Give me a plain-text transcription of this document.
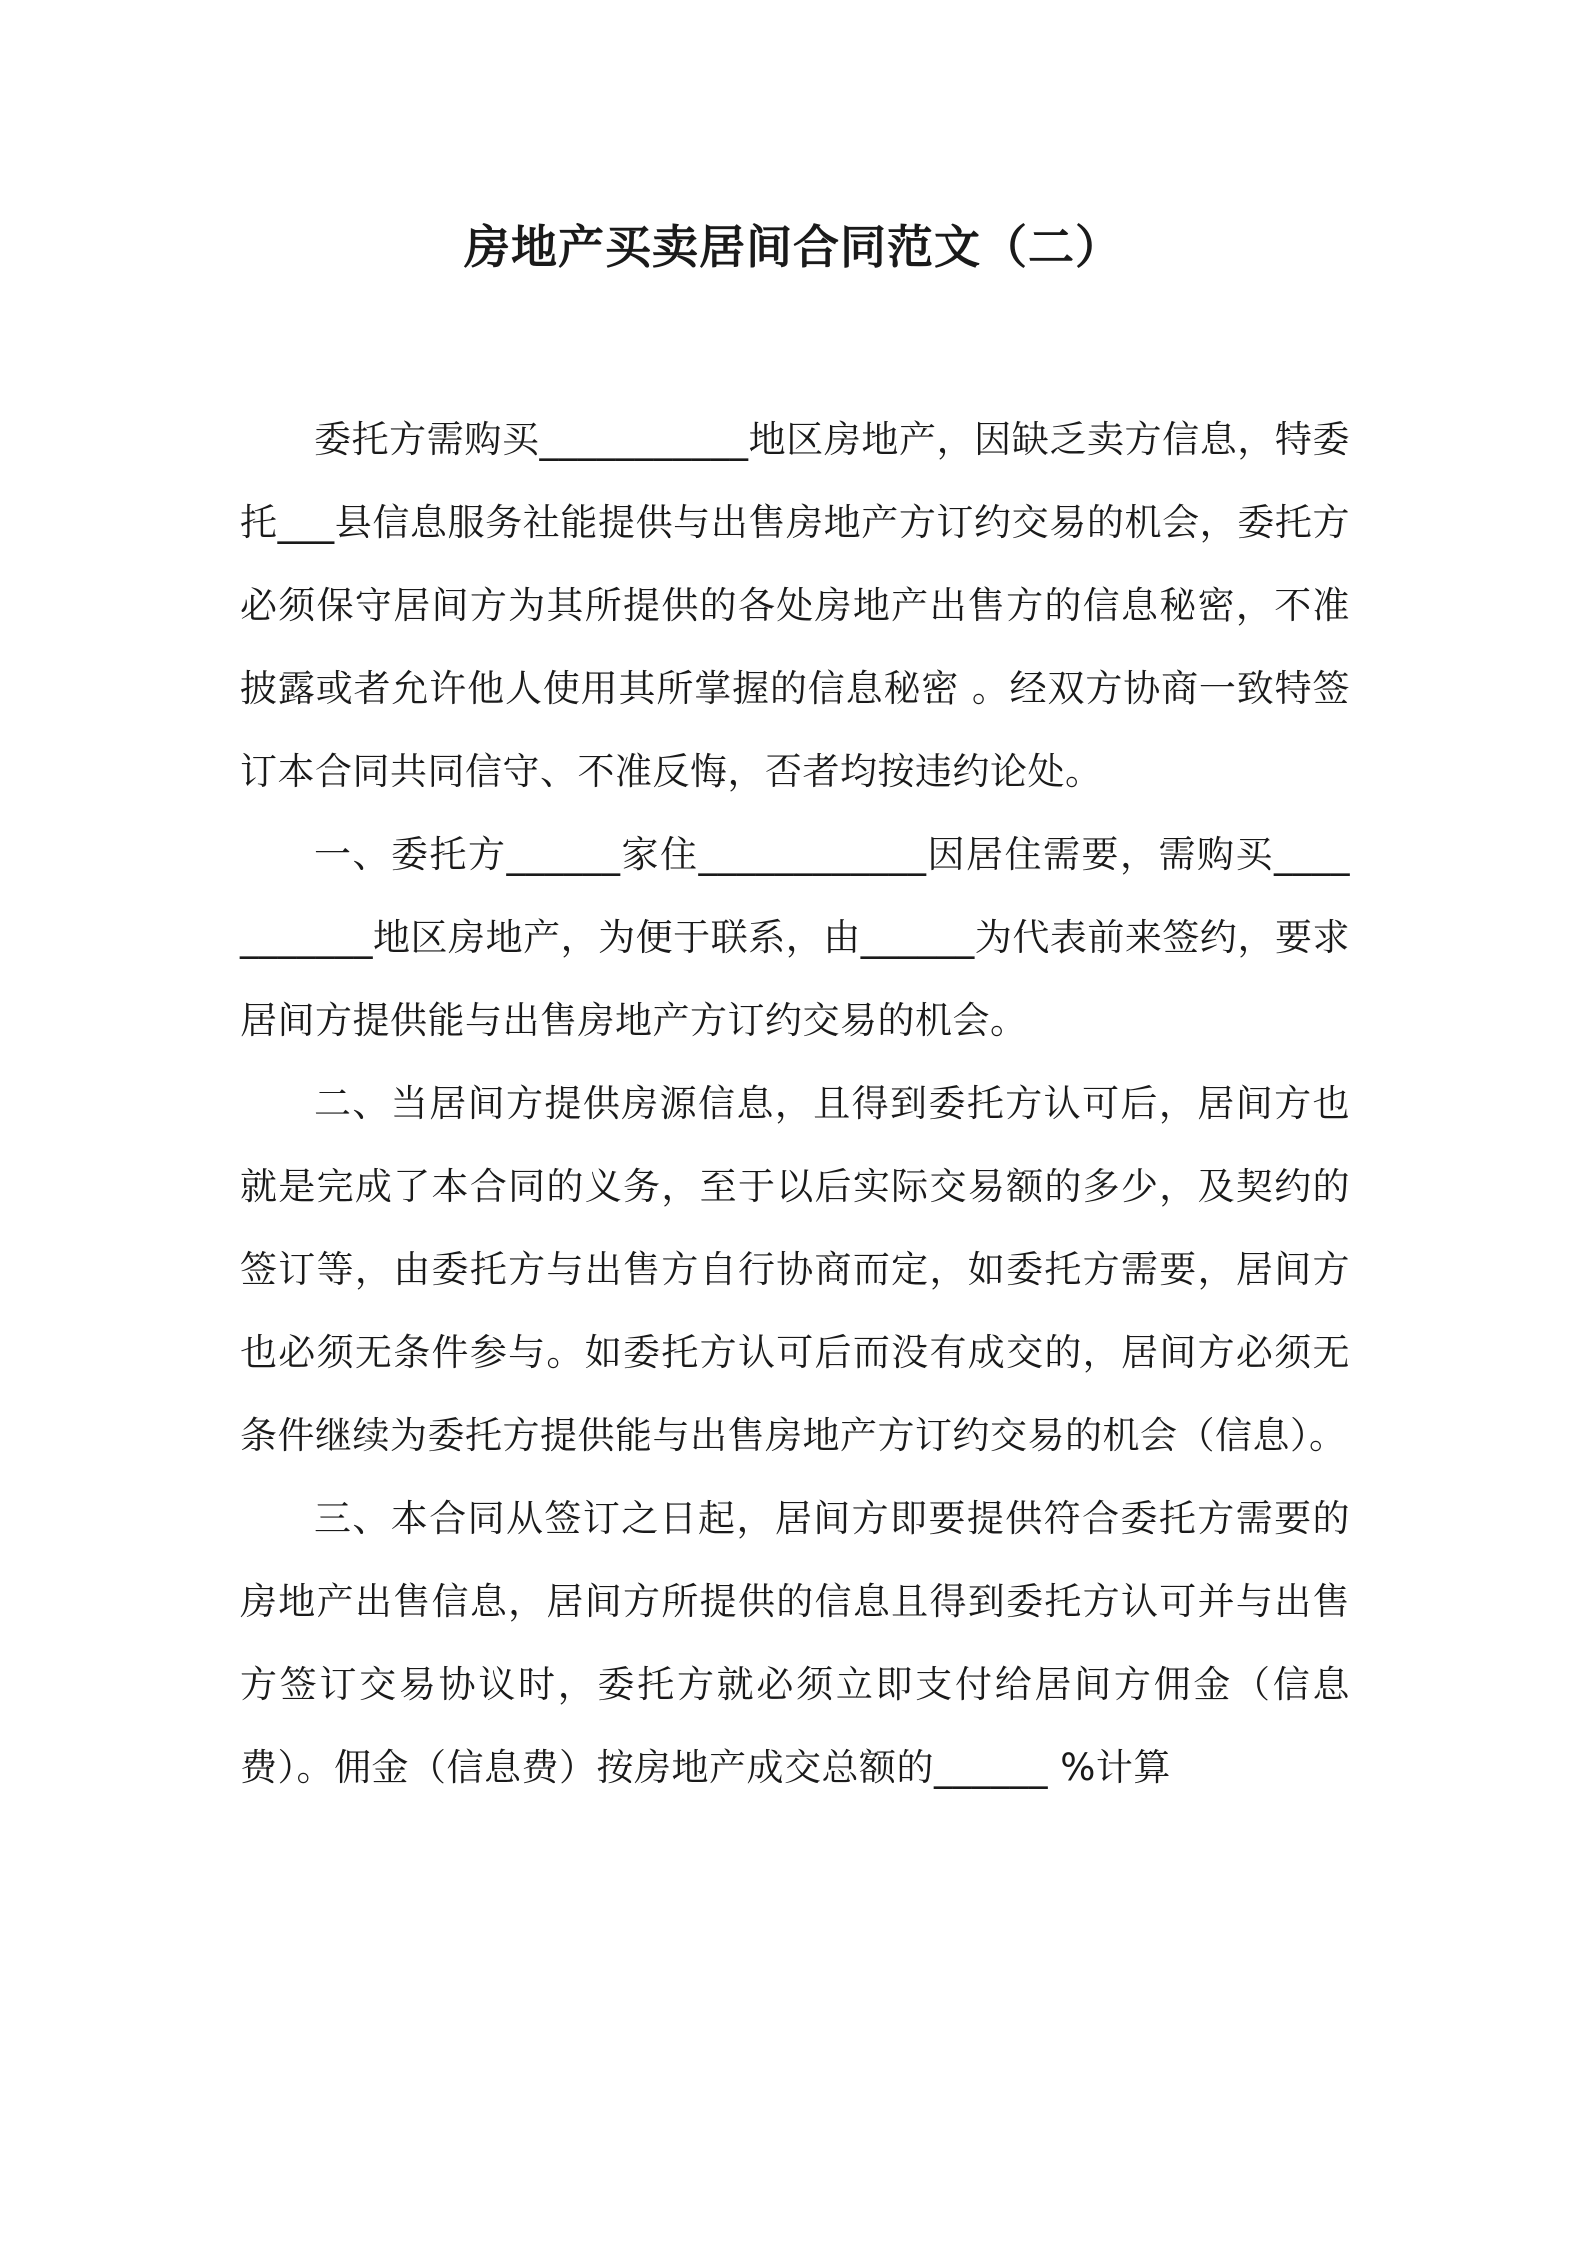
房地产买卖居间合同范文（二）

委托方需购买___________地区房地产，因缺乏卖方信息，特委托___县信息服务社能提供与出售房地产方订约交易的机会，委托方必须保守居间方为其所提供的各处房地产出售方的信息秘密，不准披露或者允许他人使用其所掌握的信息秘密 。经双方协商一致特签订本合同共同信守、不准反悔，否者均按违约论处。

一、委托方______家住____________因居住需要，需购买___________地区房地产，为便于联系，由______为代表前来签约，要求居间方提供能与出售房地产方订约交易的机会。

二、当居间方提供房源信息，且得到委托方认可后，居间方也就是完成了本合同的义务，至于以后实际交易额的多少，及契约的签订等，由委托方与出售方自行协商而定，如委托方需要，居间方也必须无条件参与。如委托方认可后而没有成交的，居间方必须无条件继续为委托方提供能与出售房地产方订约交易的机会（信息）。

三、本合同从签订之日起，居间方即要提供符合委托方需要的房地产出售信息，居间方所提供的信息且得到委托方认可并与出售方签订交易协议时，委托方就必须立即支付给居间方佣金（信息费）。佣金（信息费）按房地产成交总额的______ %计算
